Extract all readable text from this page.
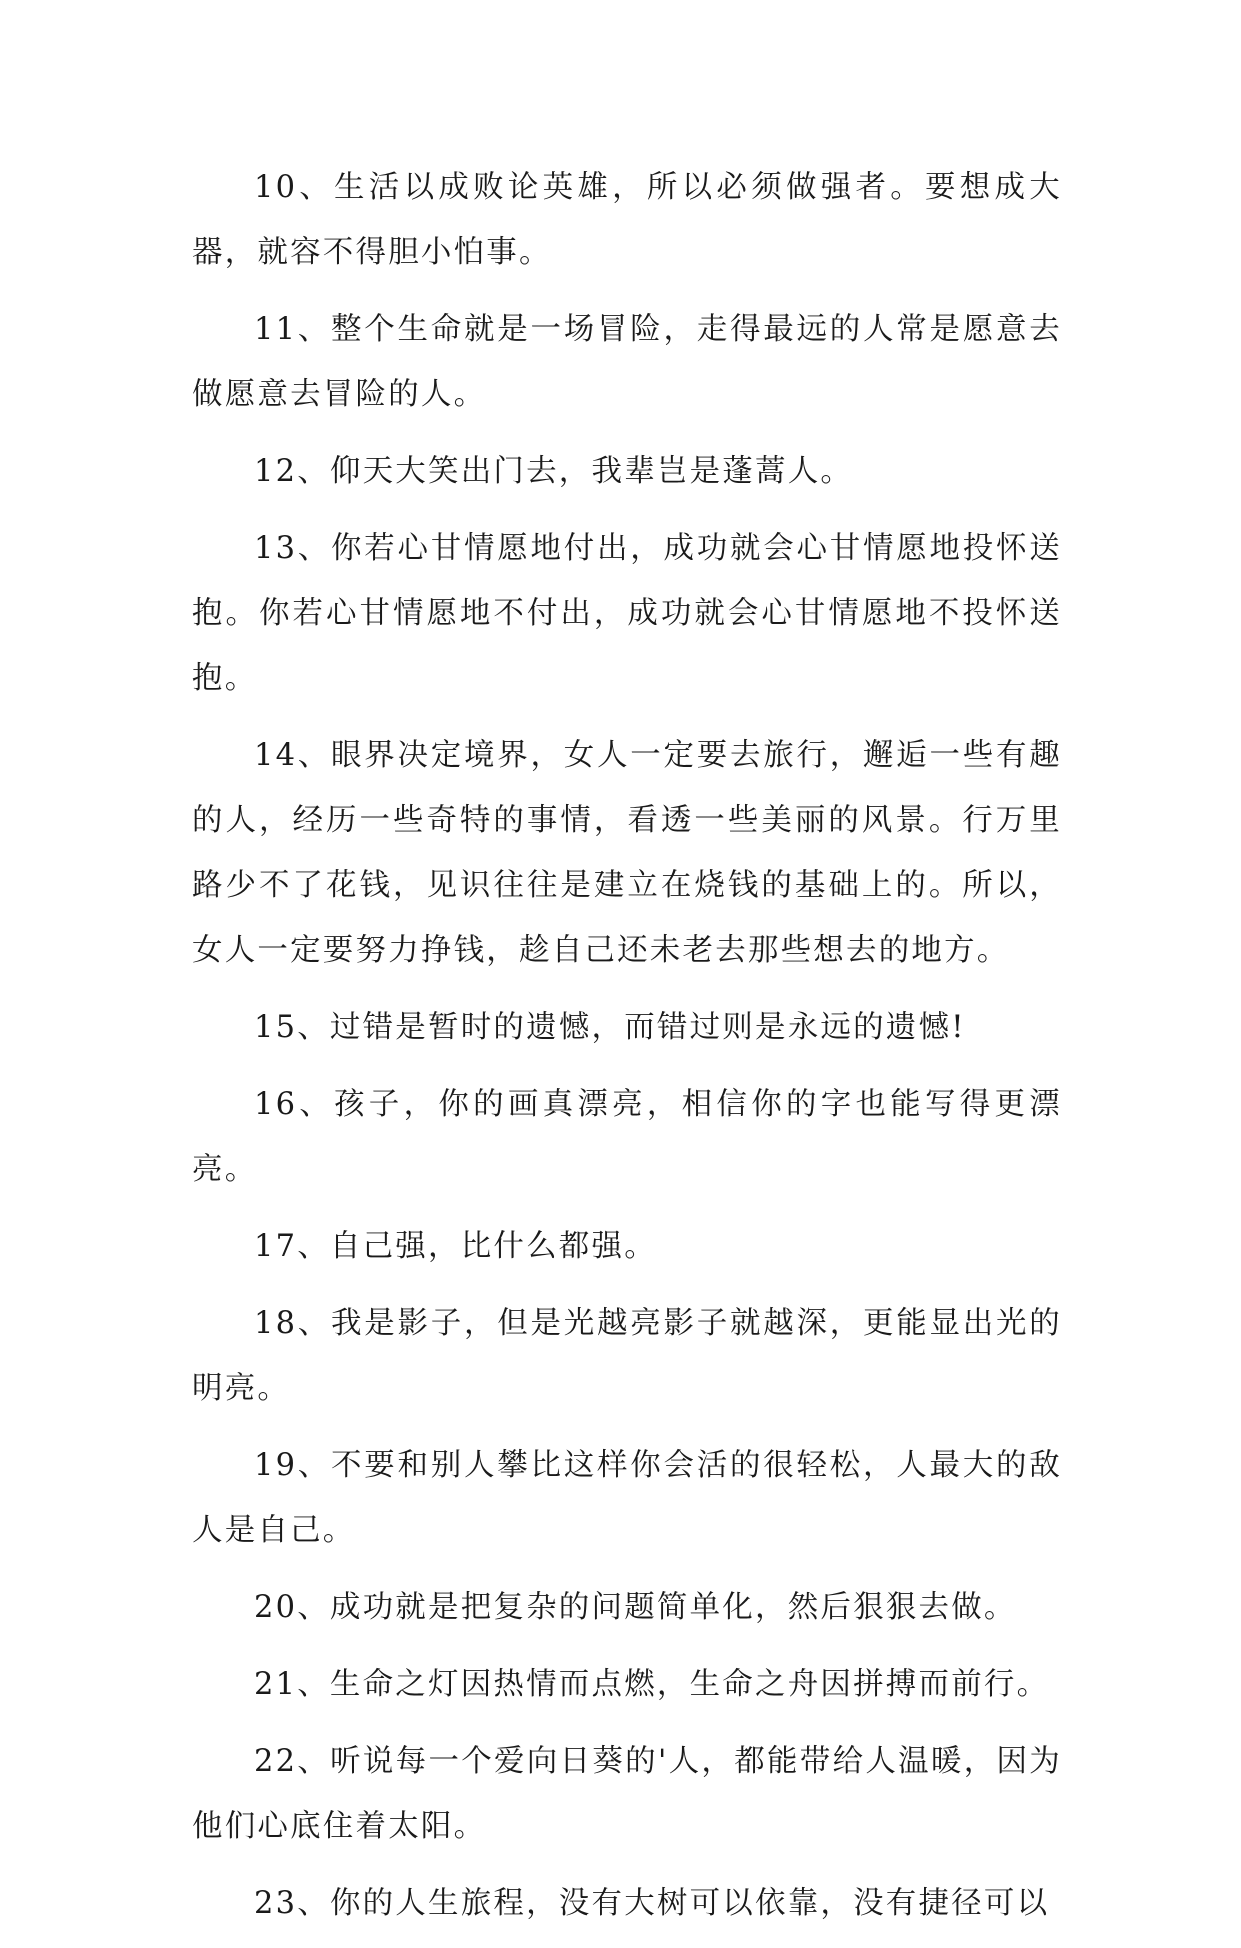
10、生活以成败论英雄，所以必须做强者。要想成大器，就容不得胆小怕事。

11、整个生命就是一场冒险，走得最远的人常是愿意去做愿意去冒险的人。

12、仰天大笑出门去，我辈岂是蓬蒿人。

13、你若心甘情愿地付出，成功就会心甘情愿地投怀送抱。你若心甘情愿地不付出，成功就会心甘情愿地不投怀送抱。

14、眼界决定境界，女人一定要去旅行，邂逅一些有趣的人，经历一些奇特的事情，看透一些美丽的风景。行万里路少不了花钱，见识往往是建立在烧钱的基础上的。所以，女人一定要努力挣钱，趁自己还未老去那些想去的地方。

15、过错是暂时的遗憾，而错过则是永远的遗憾!

16、孩子，你的画真漂亮，相信你的字也能写得更漂亮。

17、自己强，比什么都强。

18、我是影子，但是光越亮影子就越深，更能显出光的明亮。

19、不要和别人攀比这样你会活的很轻松，人最大的敌人是自己。

20、成功就是把复杂的问题简单化，然后狠狠去做。

21、生命之灯因热情而点燃，生命之舟因拼搏而前行。

22、听说每一个爱向日葵的'人，都能带给人温暖，因为他们心底住着太阳。

23、你的人生旅程，没有大树可以依靠，没有捷径可以
